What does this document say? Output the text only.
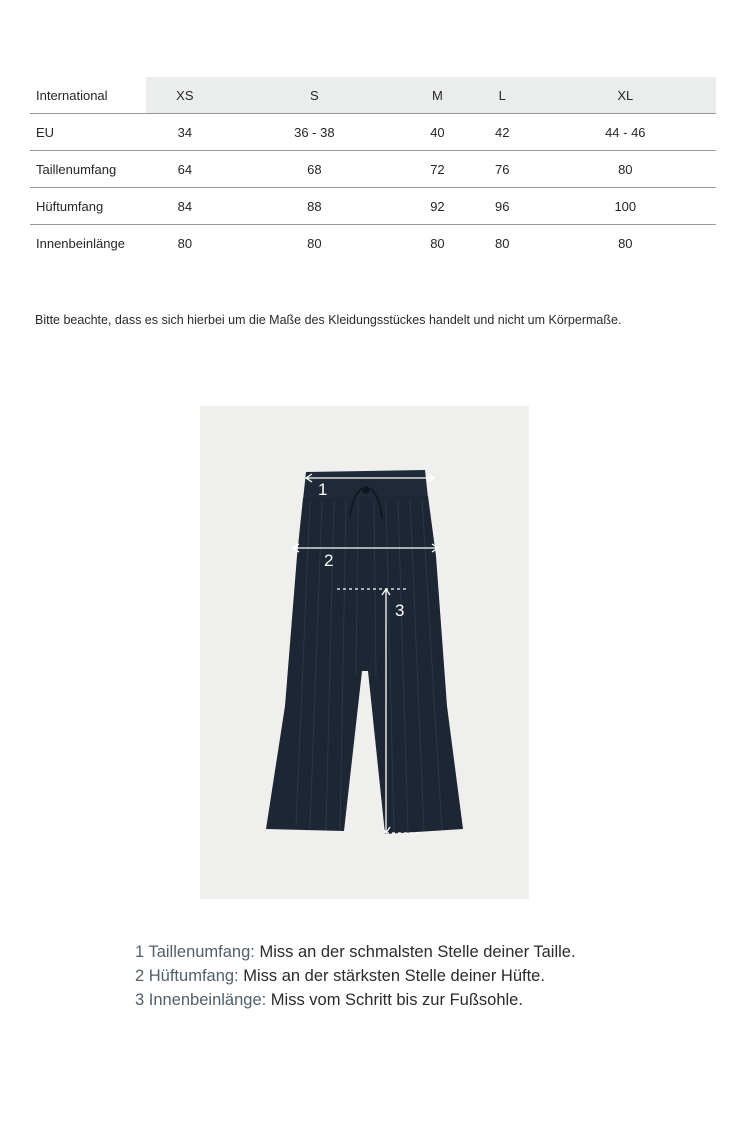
International	XS	S	M	L	XL
EU	34	36 - 38	40	42	44 - 46
Taillenumfang	64	68	72	76	80
Hüftumfang	84	88	92	96	100
Innenbeinlänge	80	80	80	80	80

Bitte beachte, dass es sich hierbei um die Maße des Kleidungsstückes handelt und nicht um Körpermaße.

1
2
3
1 Taillenumfang: Miss an der schmalsten Stelle deiner Taille.
2 Hüftumfang: Miss an der stärksten Stelle deiner Hüfte.
3 Innenbeinlänge: Miss vom Schritt bis zur Fußsohle.
